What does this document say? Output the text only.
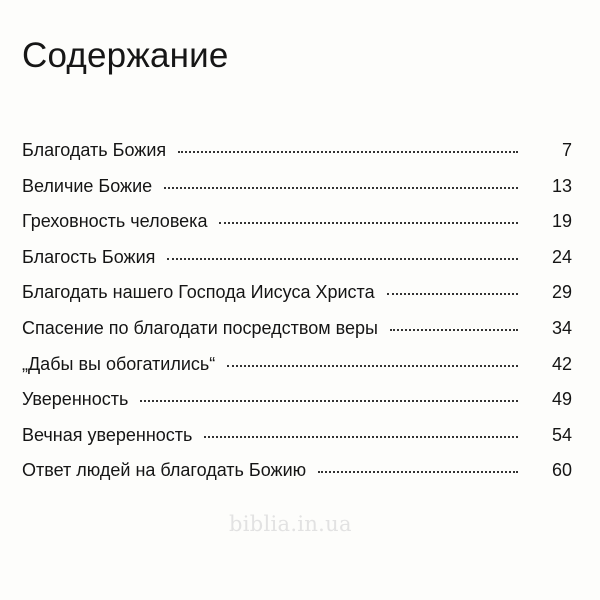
Содержание
Благодать Божия	7
Величие Божие	13
Греховность человека	19
Благость Божия	24
Благодать нашего Господа Иисуса Христа	29
Спасение по благодати посредством веры	34
„Дабы вы обогатились“	42
Уверенность	49
Вечная уверенность	54
Ответ людей на благодать Божию	60
biblia.in.ua
